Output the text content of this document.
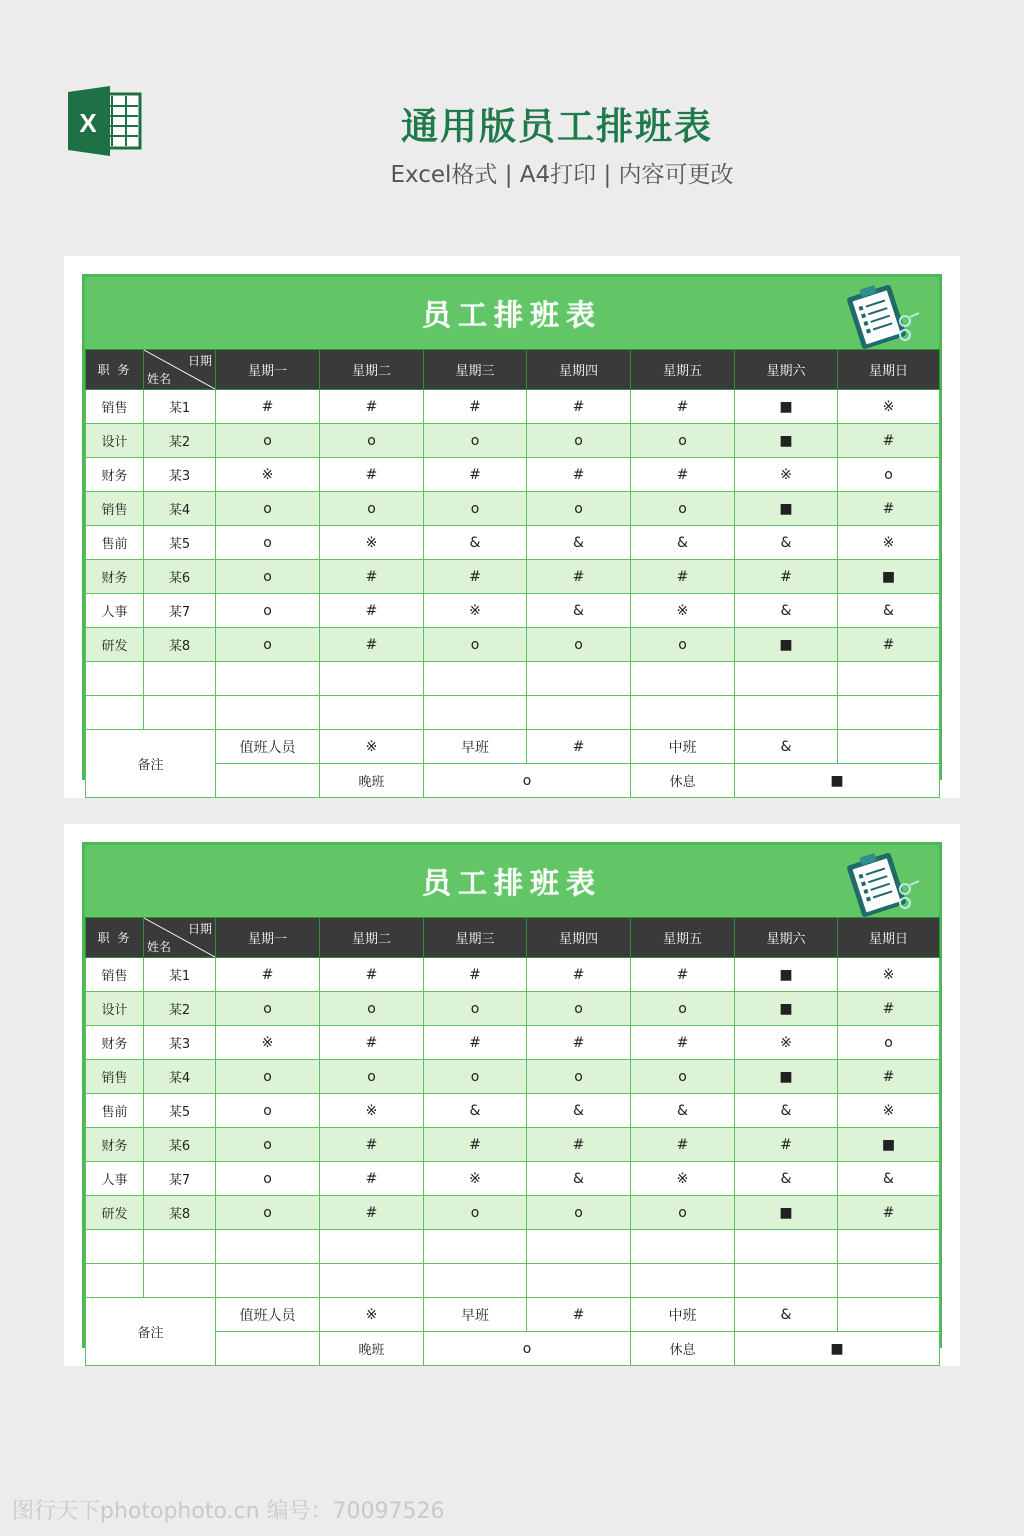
X	通用版员工排班表
Excel格式 | A4打印 | 内容可更改
员工排班表
职 务	日期
姓名	星期一	星期二	星期三	星期四	星期五	星期六	星期日
销售	某1	#	#	#	#	#	■	※
设计	某2	o	o	o	o	o	■	#
财务	某3	※	#	#	#	#	※	o
销售	某4	o	o	o	o	o	■	#
售前	某5	o	※	&	&	&	&	※
财务	某6	o	#	#	#	#	#	■
人事	某7	o	#	※	&	※	&	&
研发	某8	o	#	o	o	o	■	#

备注		值班人员	※	早班	#	中班	&	
			晚班	o		休息	■	
员工排班表
职 务	日期
姓名	星期一	星期二	星期三	星期四	星期五	星期六	星期日
销售	某1	#	#	#	#	#	■	※
设计	某2	o	o	o	o	o	■	#
财务	某3	※	#	#	#	#	※	o
销售	某4	o	o	o	o	o	■	#
售前	某5	o	※	&	&	&	&	※
财务	某6	o	#	#	#	#	#	■
人事	某7	o	#	※	&	※	&	&
研发	某8	o	#	o	o	o	■	#

备注		值班人员	※	早班	#	中班	&	
			晚班	o		休息	■	
图行天下photophoto.cn 编号：70097526
